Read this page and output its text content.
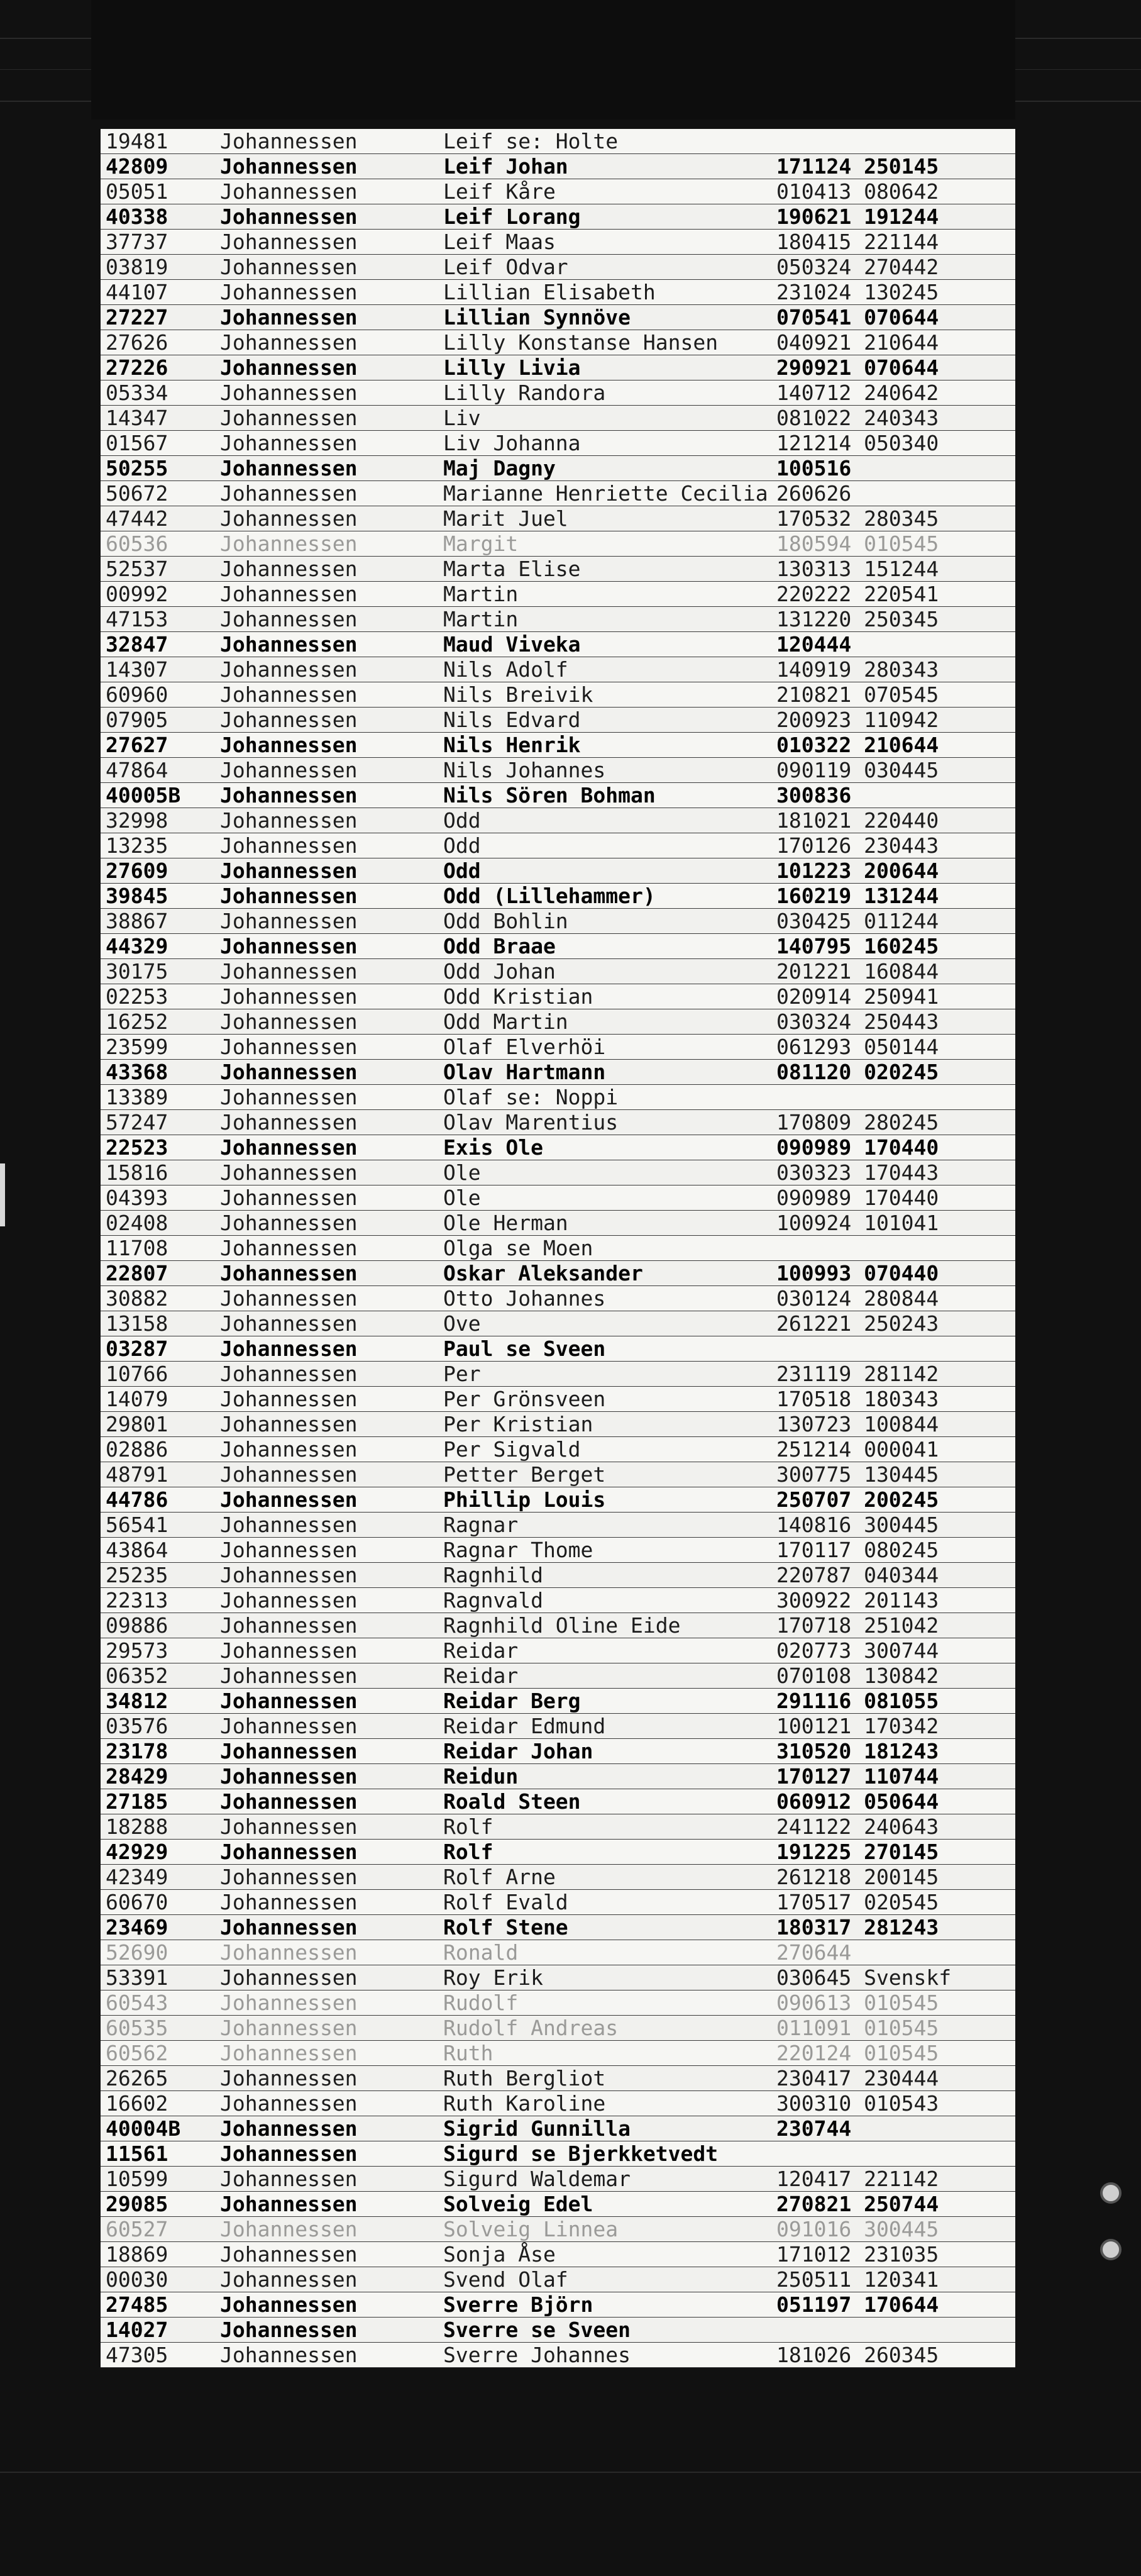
19481	Johannessen	Leif se: Holte
42809	Johannessen	Leif Johan	171124 250145
05051	Johannessen	Leif Kåre	010413 080642
40338	Johannessen	Leif Lorang	190621 191244
37737	Johannessen	Leif Maas	180415 221144
03819	Johannessen	Leif Odvar	050324 270442
44107	Johannessen	Lillian Elisabeth	231024 130245
27227	Johannessen	Lillian Synnöve	070541 070644
27626	Johannessen	Lilly Konstanse Hansen	040921 210644
27226	Johannessen	Lilly Livia	290921 070644
05334	Johannessen	Lilly Randora	140712 240642
14347	Johannessen	Liv	081022 240343
01567	Johannessen	Liv Johanna	121214 050340
50255	Johannessen	Maj Dagny	100516
50672	Johannessen	Marianne Henriette Cecilia 260626
47442	Johannessen	Marit Juel	170532 280345
60536	Johannessen	Margit	180594 010545
52537	Johannessen	Marta Elise	130313 151244
00992	Johannessen	Martin	220222 220541
47153	Johannessen	Martin	131220 250345
32847	Johannessen	Maud Viveka	120444
14307	Johannessen	Nils Adolf	140919 280343
60960	Johannessen	Nils Breivik	210821 070545
07905	Johannessen	Nils Edvard	200923 110942
27627	Johannessen	Nils Henrik	010322 210644
47864	Johannessen	Nils Johannes	090119 030445
40005B Johannessen	Nils Sören Bohman	300836
32998	Johannessen	Odd	181021 220440
13235	Johannessen	Odd	170126 230443
27609	Johannessen	Odd	101223 200644
39845	Johannessen	Odd (Lillehammer)	160219 131244
38867	Johannessen	Odd Bohlin	030425 011244
44329	Johannessen	Odd Braae	140795 160245
30175	Johannessen	Odd Johan	201221 160844
02253	Johannessen	Odd Kristian	020914 250941
16252	Johannessen	Odd Martin	030324 250443
23599	Johannessen	Olaf Elverhöi	061293 050144
43368	Johannessen	Olav Hartmann	081120 020245
13389	Johannessen	Olaf se: Noppi
57247	Johannessen	Olav Marentius	170809 280245
22523	Johannessen	Exis Ole	090989 170440
15816	Johannessen	Ole	030323 170443
04393	Johannessen	Ole	090989 170440
02408	Johannessen	Ole Herman	100924 101041
11708	Johannessen	Olga se Moen
22807	Johannessen	Oskar Aleksander	100993 070440
30882	Johannessen	Otto Johannes	030124 280844
13158	Johannessen	Ove	261221 250243
03287	Johannessen	Paul se Sveen
10766	Johannessen	Per	231119 281142
14079	Johannessen	Per Grönsveen	170518 180343
29801	Johannessen	Per Kristian	130723 100844
02886	Johannessen	Per Sigvald	251214 000041
48791	Johannessen	Petter Berget	300775 130445
44786	Johannessen	Phillip Louis	250707 200245
56541	Johannessen	Ragnar	140816 300445
43864	Johannessen	Ragnar Thome	170117 080245
25235	Johannessen	Ragnhild	220787 040344
22313	Johannessen	Ragnvald	300922 201143
09886	Johannessen	Ragnhild Oline Eide	170718 251042
29573	Johannessen	Reidar	020773 300744
06352	Johannessen	Reidar	070108 130842
34812	Johannessen	Reidar Berg	291116 081055
03576	Johannessen	Reidar Edmund	100121 170342
23178	Johannessen	Reidar Johan	310520 181243
28429	Johannessen	Reidun	170127 110744
27185	Johannessen	Roald Steen	060912 050644
18288	Johannessen	Rolf	241122 240643
42929	Johannessen	Rolf	191225 270145
42349	Johannessen	Rolf Arne	261218 200145
60670	Johannessen	Rolf Evald	170517 020545
23469	Johannessen	Rolf Stene	180317 281243
52690	Johannessen	Ronald	270644
53391	Johannessen	Roy Erik	030645 Svenskf
60543	Johannessen	Rudolf	090613 010545
60535	Johannessen	Rudolf Andreas	011091 010545
60562	Johannessen	Ruth	220124 010545
26265	Johannessen	Ruth Bergliot	230417 230444
16602	Johannessen	Ruth Karoline	300310 010543
40004B Johannessen	Sigrid Gunnilla	230744
11561	Johannessen	Sigurd se Bjerkketvedt
10599	Johannessen	Sigurd Waldemar	120417 221142
29085	Johannessen	Solveig Edel	270821 250744
60527	Johannessen	Solveig Linnea	091016 300445
18869	Johannessen	Sonja Åse	171012 231035
00030	Johannessen	Svend Olaf	250511 120341
27485	Johannessen	Sverre Björn	051197 170644
14027	Johannessen	Sverre se Sveen
47305	Johannessen	Sverre Johannes	181026 260345
